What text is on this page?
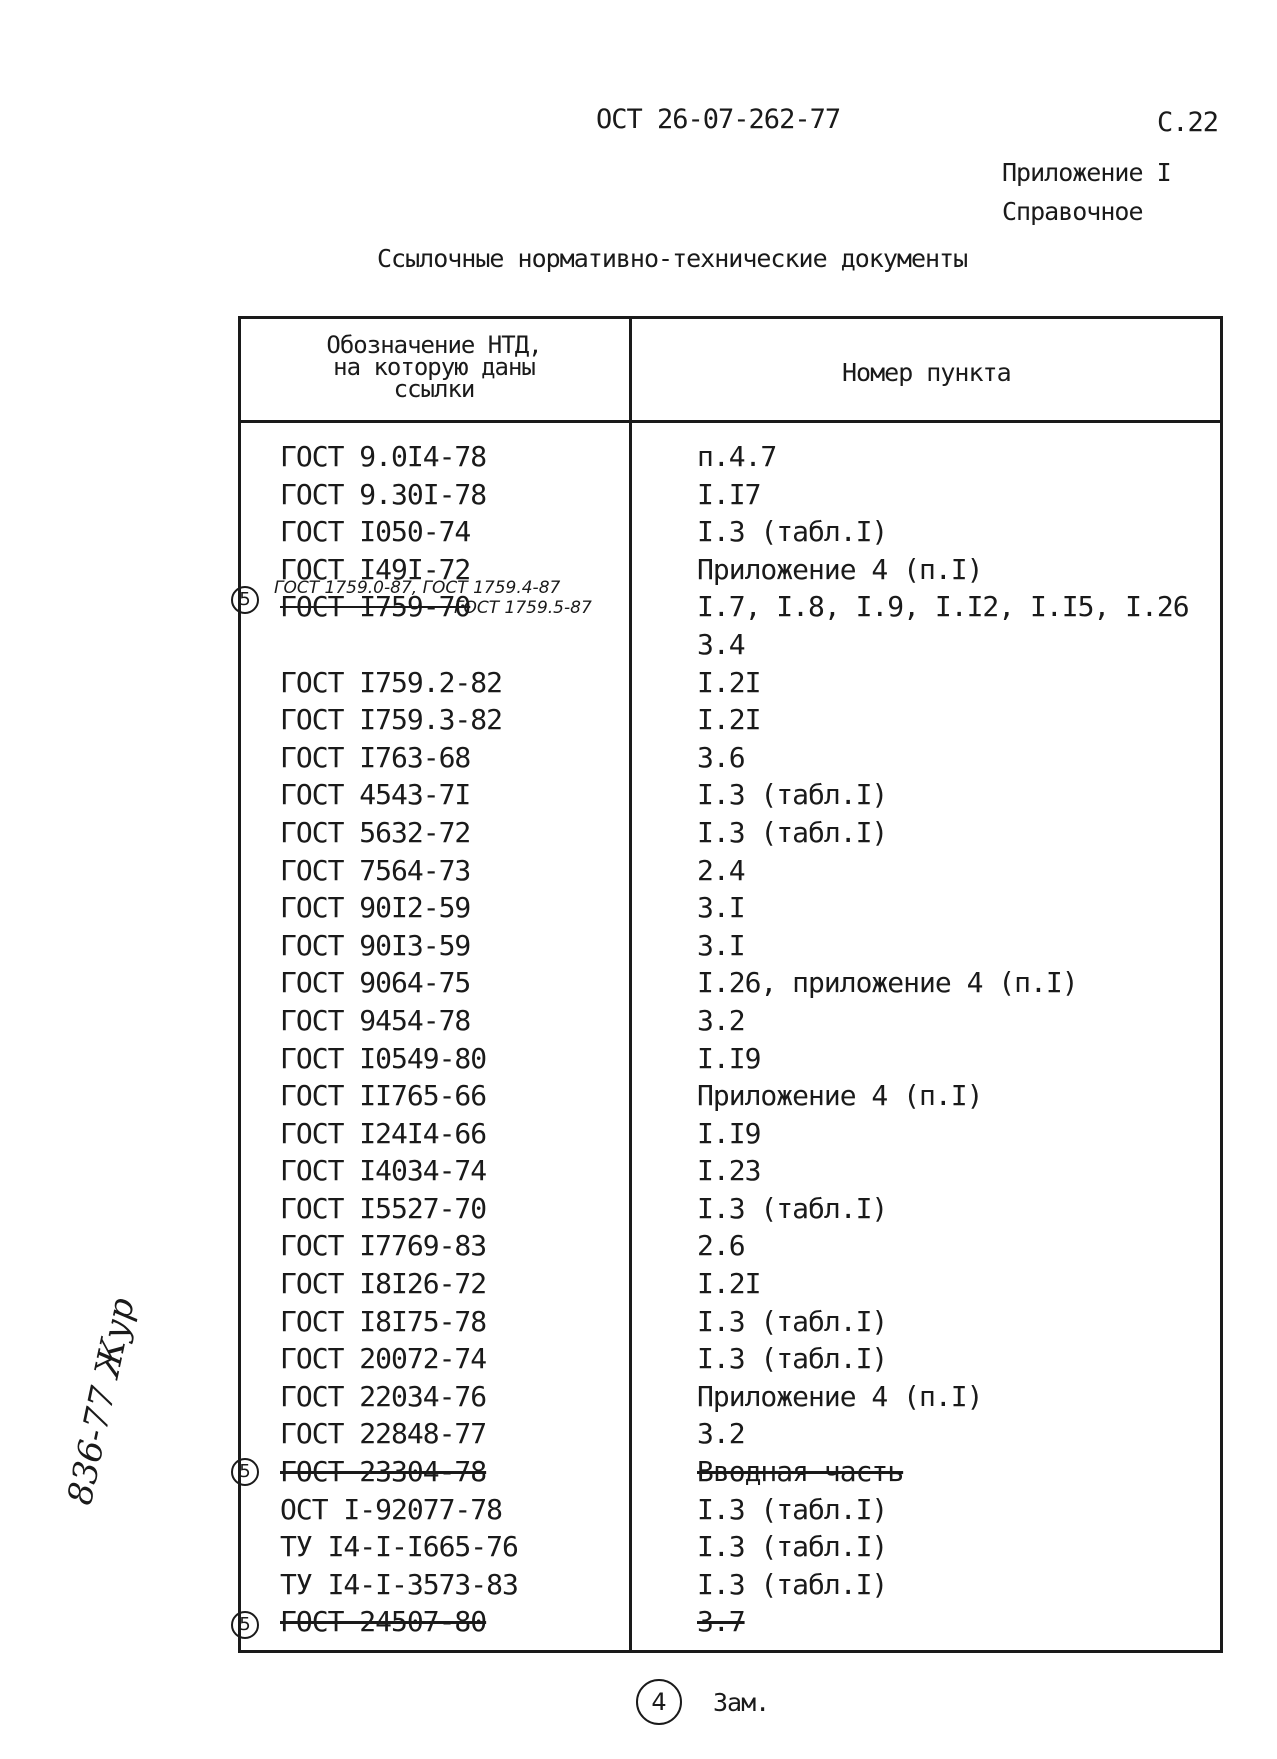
ОСТ 26-07-262-77	С.22
Приложение I
Справочное
Ссылочные нормативно-технические документы
Обозначение НТД,
на которую даны
ссылки
Номер пункта
ГОСТ 9.0I4-78	п.4.7
ГОСТ 9.30I-78	I.I7
ГОСТ I050-74	I.3 (табл.I)
ГОСТ I49I-72	Приложение 4 (п.I)
ГОСТ I759-70	I.7, I.8, I.9, I.I2, I.I5, I.26
3.4
ГОСТ I759.2-82	I.2I
ГОСТ I759.3-82	I.2I
ГОСТ I763-68	3.6
ГОСТ 4543-7I	I.3 (табл.I)
ГОСТ 5632-72	I.3 (табл.I)
ГОСТ 7564-73	2.4
ГОСТ 90I2-59	3.I
ГОСТ 90I3-59	3.I
ГОСТ 9064-75	I.26, приложение 4 (п.I)
ГОСТ 9454-78	3.2
ГОСТ I0549-80	I.I9
ГОСТ II765-66	Приложение 4 (п.I)
ГОСТ I24I4-66	I.I9
ГОСТ I4034-74	I.23
ГОСТ I5527-70	I.3 (табл.I)
ГОСТ I7769-83	2.6
ГОСТ I8I26-72	I.2I
ГОСТ I8I75-78	I.3 (табл.I)
ГОСТ 20072-74	I.3 (табл.I)
ГОСТ 22034-76	Приложение 4 (п.I)
ГОСТ 22848-77	3.2
ГОСТ 23304-78	Вводная часть
ОСТ I-92077-78	I.3 (табл.I)
ТУ I4-I-I665-76	I.3 (табл.I)
ТУ I4-I-3573-83	I.3 (табл.I)
ГОСТ 24507-80	3.7
ГОСТ 1759.0-87, ГОСТ 1759.4-87
ГОСТ 1759.5-87
5
5
5
836-77 Жур
4	Зам.
